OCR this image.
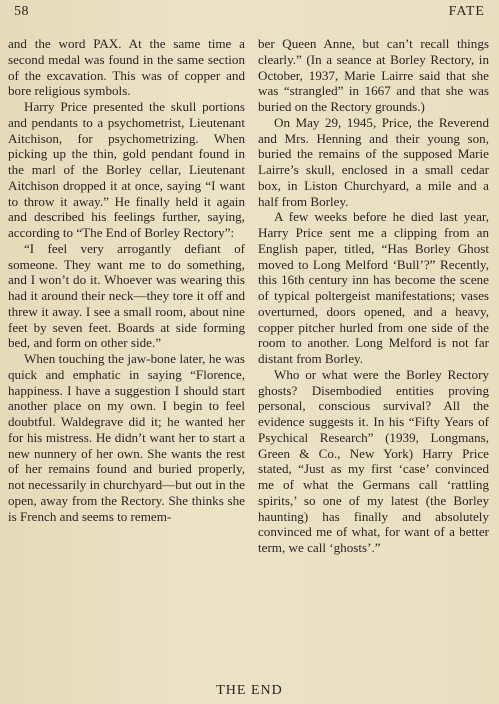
58	FATE

and the word PAX. At the same time a second medal was found in the same section of the excavation. This was of copper and bore religious symbols.

Harry Price presented the skull portions and pendants to a psychometrist, Lieutenant Aitchison, for psychometrizing. When picking up the thin, gold pendant found in the marl of the Borley cellar, Lieutenant Aitchison dropped it at once, saying “I want to throw it away.” He finally held it again and described his feelings further, saying, according to “The End of Borley Rectory”:

“I feel very arrogantly defiant of someone. They want me to do something, and I won’t do it. Whoever was wearing this had it around their neck—they tore it off and threw it away. I see a small room, about nine feet by seven feet. Boards at side forming bed, and form on other side.”

When touching the jaw-bone later, he was quick and emphatic in saying “Florence, happiness. I have a suggestion I should start another place on my own. I begin to feel doubtful. Waldegrave did it; he wanted her for his mistress. He didn’t want her to start a new nunnery of her own. She wants the rest of her remains found and buried properly, not necessarily in churchyard—but out in the open, away from the Rectory. She thinks she is French and seems to remem-

ber Queen Anne, but can’t recall things clearly.” (In a seance at Borley Rectory, in October, 1937, Marie Lairre said that she was “strangled” in 1667 and that she was buried on the Rectory grounds.)

On May 29, 1945, Price, the Reverend and Mrs. Henning and their young son, buried the remains of the supposed Marie Lairre’s skull, enclosed in a small cedar box, in Liston Churchyard, a mile and a half from Borley.

A few weeks before he died last year, Harry Price sent me a clipping from an English paper, titled, “Has Borley Ghost moved to Long Melford ‘Bull’?” Recently, this 16th century inn has become the scene of typical poltergeist manifestations; vases overturned, doors opened, and a heavy, copper pitcher hurled from one side of the room to another. Long Melford is not far distant from Borley.

Who or what were the Borley Rectory ghosts? Disembodied entities proving personal, conscious survival? All the evidence suggests it. In his “Fifty Years of Psychical Research” (1939, Longmans, Green & Co., New York) Harry Price stated, “Just as my first ‘case’ convinced me of what the Germans call ‘rattling spirits,’ so one of my latest (the Borley haunting) has finally and absolutely convinced me of what, for want of a better term, we call ‘ghosts’.”

THE END
